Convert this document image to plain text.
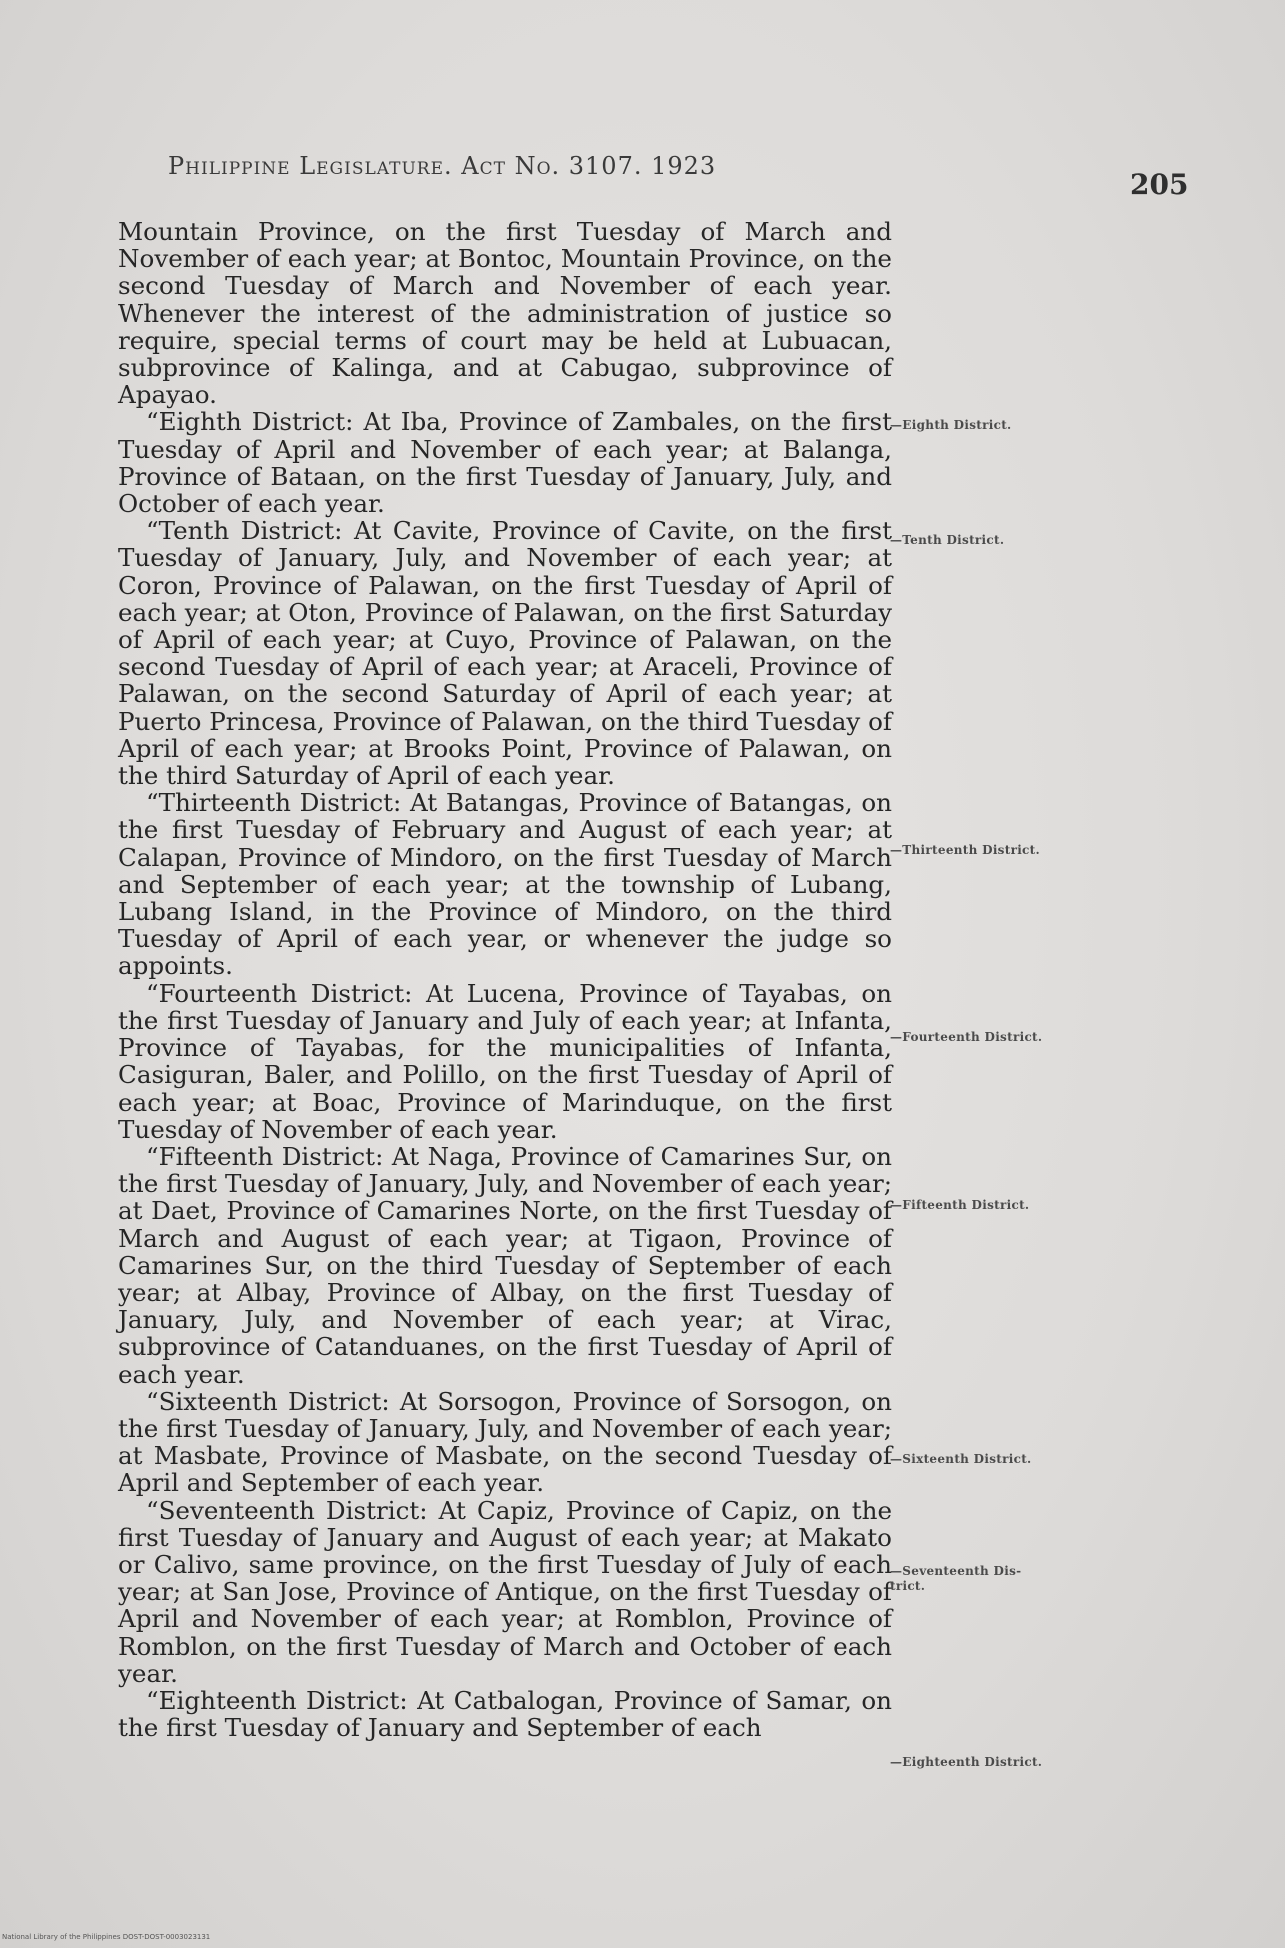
Philippine Legislature. Act No. 3107. 1923
205

Mountain Province, on the first Tuesday of March and November of each year; at Bontoc, Mountain Province, on the second Tuesday of March and November of each year. Whenever the interest of the administration of justice so require, special terms of court may be held at Lubuacan, subprovince of Kalinga, and at Cabugao, subprovince of Apayao.

“Eighth District: At Iba, Province of Zambales, on the first Tuesday of April and November of each year; at Balanga, Province of Bataan, on the first Tuesday of January, July, and October of each year.

“Tenth District: At Cavite, Province of Cavite, on the first Tuesday of January, July, and November of each year; at Coron, Province of Palawan, on the first Tuesday of April of each year; at Oton, Province of Palawan, on the first Saturday of April of each year; at Cuyo, Province of Palawan, on the second Tuesday of April of each year; at Araceli, Province of Palawan, on the second Saturday of April of each year; at Puerto Princesa, Province of Palawan, on the third Tuesday of April of each year; at Brooks Point, Province of Palawan, on the third Saturday of April of each year.

“Thirteenth District: At Batangas, Province of Batangas, on the first Tuesday of February and August of each year; at Calapan, Province of Mindoro, on the first Tuesday of March and September of each year; at the township of Lubang, Lubang Island, in the Province of Mindoro, on the third Tuesday of April of each year, or whenever the judge so appoints.

“Fourteenth District: At Lucena, Province of Tayabas, on the first Tuesday of January and July of each year; at Infanta, Province of Tayabas, for the municipalities of Infanta, Casiguran, Baler, and Polillo, on the first Tuesday of April of each year; at Boac, Province of Marinduque, on the first Tuesday of November of each year.

“Fifteenth District: At Naga, Province of Camarines Sur, on the first Tuesday of January, July, and November of each year; at Daet, Province of Camarines Norte, on the first Tuesday of March and August of each year; at Tigaon, Province of Camarines Sur, on the third Tuesday of September of each year; at Albay, Province of Albay, on the first Tuesday of January, July, and November of each year; at Virac, subprovince of Catanduanes, on the first Tuesday of April of each year.

“Sixteenth District: At Sorsogon, Province of Sorsogon, on the first Tuesday of January, July, and November of each year; at Masbate, Province of Masbate, on the second Tuesday of April and September of each year.

“Seventeenth District: At Capiz, Province of Capiz, on the first Tuesday of January and August of each year; at Makato or Calivo, same province, on the first Tuesday of July of each year; at San Jose, Province of Antique, on the first Tuesday of April and November of each year; at Romblon, Province of Romblon, on the first Tuesday of March and October of each year.

“Eighteenth District: At Catbalogan, Province of Samar, on the first Tuesday of January and September of each

—Eighth District.
—Tenth District.
—Thirteenth District.
—Fourteenth District.
—Fifteenth District.
—Sixteenth District.
—Seventeenth Dis-
trict.
—Eighteenth District.
National Library of the Philippines DOST-DOST-0003023131
